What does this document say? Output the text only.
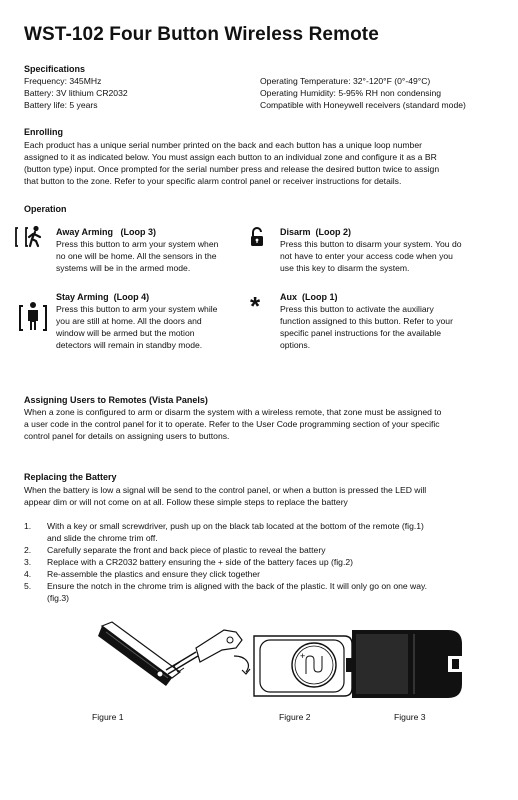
WST-102 Four Button Wireless Remote
Specifications
Frequency: 345MHz
Battery: 3V lithium CR2032
Battery life: 5 years
Operating Temperature: 32°-120°F (0°-49°C)
Operating Humidity: 5-95% RH non condensing
Compatible with Honeywell receivers (standard mode)
Enrolling
Each product has a unique serial number printed on the back and each button has a unique loop number
assigned to it as indicated below. You must assign each button to an individual zone and configure it as a BR
(button type) input. Once prompted for the serial number press and release the desired button twice to assign
that button to the zone. Refer to your specific alarm control panel or receiver instructions for details.
Operation
Away Arming   (Loop 3)
Press this button to arm your system when
no one will be home. All the sensors in the
systems will be in the armed mode.
Disarm  (Loop 2)
Press this button to disarm your system. You do
not have to enter your access code when you
use this key to disarm the system.
Stay Arming  (Loop 4)
Press this button to arm your system while
you are still at home. All the doors and
window will be armed but the motion
detectors will remain in standby mode.
* Aux  (Loop 1)
Press this button to activate the auxiliary
function assigned to this button. Refer to your
specific panel instructions for the available
options.
Assigning Users to Remotes (Vista Panels)
When a zone is configured to arm or disarm the system with a wireless remote, that zone must be assigned to
a user code in the control panel for it to operate. Refer to the User Code programming section of your specific
control panel for details on assigning users to buttons.
Replacing the Battery
When the battery is low a signal will be send to the control panel, or when a button is pressed the LED will
appear dim or will not come on at all. Follow these simple steps to replace the battery
1.	With a key or small screwdriver, push up on the black tab located at the bottom of the remote (fig.1)
and slide the chrome trim off.
2.	Carefully separate the front and back piece of plastic to reveal the battery
3.	Replace with a CR2032 battery ensuring the + side of the battery faces up (fig.2)
4.	Re-assemble the plastics and ensure they click together
5.	Ensure the notch in the chrome trim is aligned with the back of the plastic. It will only go on one way.
(fig.3)
+
Figure 1	Figure 2	Figure 3
